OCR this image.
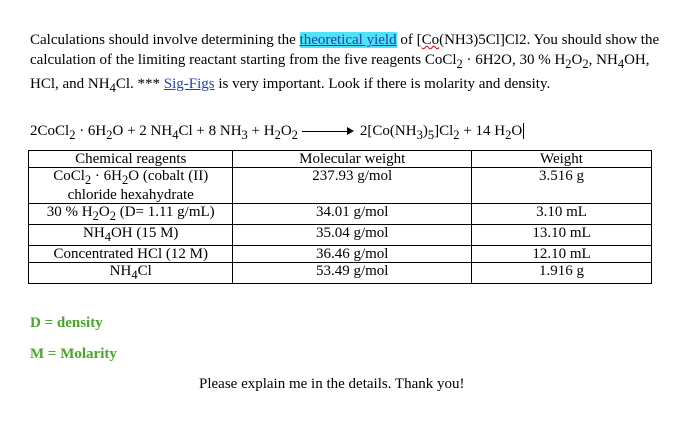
Calculations should involve determining the theoretical yield of [Co(NH3)5Cl]Cl2. You should show the calculation of the limiting reactant starting from the five reagents CoCl$_2$ · 6H2O, 30 % $H_2O_2$, $NH_4OH$, HCl, and $NH_4Cl$. *** Sig-Figs is very important. Look if there is molarity and density.
2CoCl$_2$ · $6H_2O + 2$ $NH_4Cl + 8$ $NH_3 + H_2O_2$	$2[Co(NH_3)_5]Cl_2 + 14$ $H_2O$
Chemical reagents	Molecular weight	Weight
CoCl$_2$ · $6H_2O$ (cobalt (II)
chloride hexahydrate	237.93 g/mol	3.516 g
30 % $H_2O_2$ (D= 1.11 g/mL)	34.01 g/mol	3.10 mL
$NH_4OH$ (15 M)	35.04 g/mol	13.10 mL
Concentrated HCl (12 M)	36.46 g/mol	12.10 mL
$NH_4Cl$	53.49 g/mol	1.916 g
D = density
M = Molarity
Please explain me in the details. Thank you!
